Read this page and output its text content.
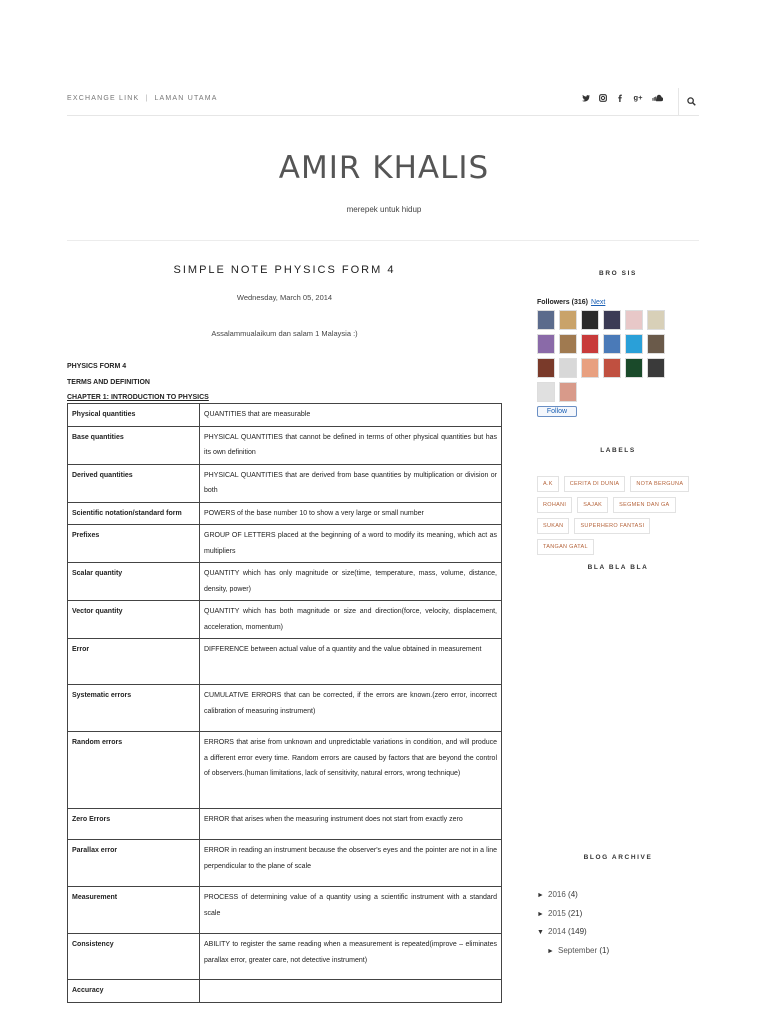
EXCHANGE LINK | LAMAN UTAMA	g+
AMIR KHALIS
merepek untuk hidup
SIMPLE NOTE PHYSICS FORM 4
Wednesday, March 05, 2014
Assalammualaikum dan salam 1 Malaysia :)
PHYSICS FORM 4
TERMS AND DEFINITION
CHAPTER 1: INTRODUCTION TO PHYSICS
Physical quantities	QUANTITIES that are measurable
Base quantities	PHYSICAL QUANTITIES that cannot be defined in terms of other physical quantities but has its own definition
Derived quantities	PHYSICAL QUANTITIES that are derived from base quantities by multiplication or division or both
Scientific notation/standard form	POWERS of the base number 10 to show a very large or small number
Prefixes	GROUP OF LETTERS placed at the beginning of a word to modify its meaning, which act as multipliers
Scalar quantity	QUANTITY which has only magnitude or size(time, temperature, mass, volume, distance, density, power)
Vector quantity	QUANTITY which has both magnitude or size and direction(force, velocity, displacement, acceleration, momentum)
Error	DIFFERENCE between actual value of a quantity and the value obtained in measurement
Systematic errors	CUMULATIVE ERRORS that can be corrected, if the errors are known.(zero error, incorrect calibration of measuring instrument)
Random errors	ERRORS that arise from unknown and unpredictable variations in condition, and will produce a different error every time. Random errors are caused by factors that are beyond the control of observers.(human limitations, lack of sensitivity, natural errors, wrong technique)
Zero Errors	ERROR that arises when the measuring instrument does not start from exactly zero
Parallax error	ERROR in reading an instrument because the observer's eyes and the pointer are not in a line perpendicular to the plane of scale
Measurement	PROCESS of determining value of a quantity using a scientific instrument with a standard scale
Consistency	ABILITY to register the same reading when a measurement is repeated(improve – eliminates parallax error, greater care, not detective instrument)
Accuracy	
BRO SIS
Followers (316) Next
Follow
LABELS
A.K	CERITA DI DUNIA	NOTA BERGUNA
ROHANI	SAJAK	SEGMEN DAN GA
SUKAN	SUPERHERO FANTASI
TANGAN GATAL
BLA BLA BLA
BLOG ARCHIVE
► 2016 (4)
► 2015 (21)
▼ 2014 (149)
► September (1)
